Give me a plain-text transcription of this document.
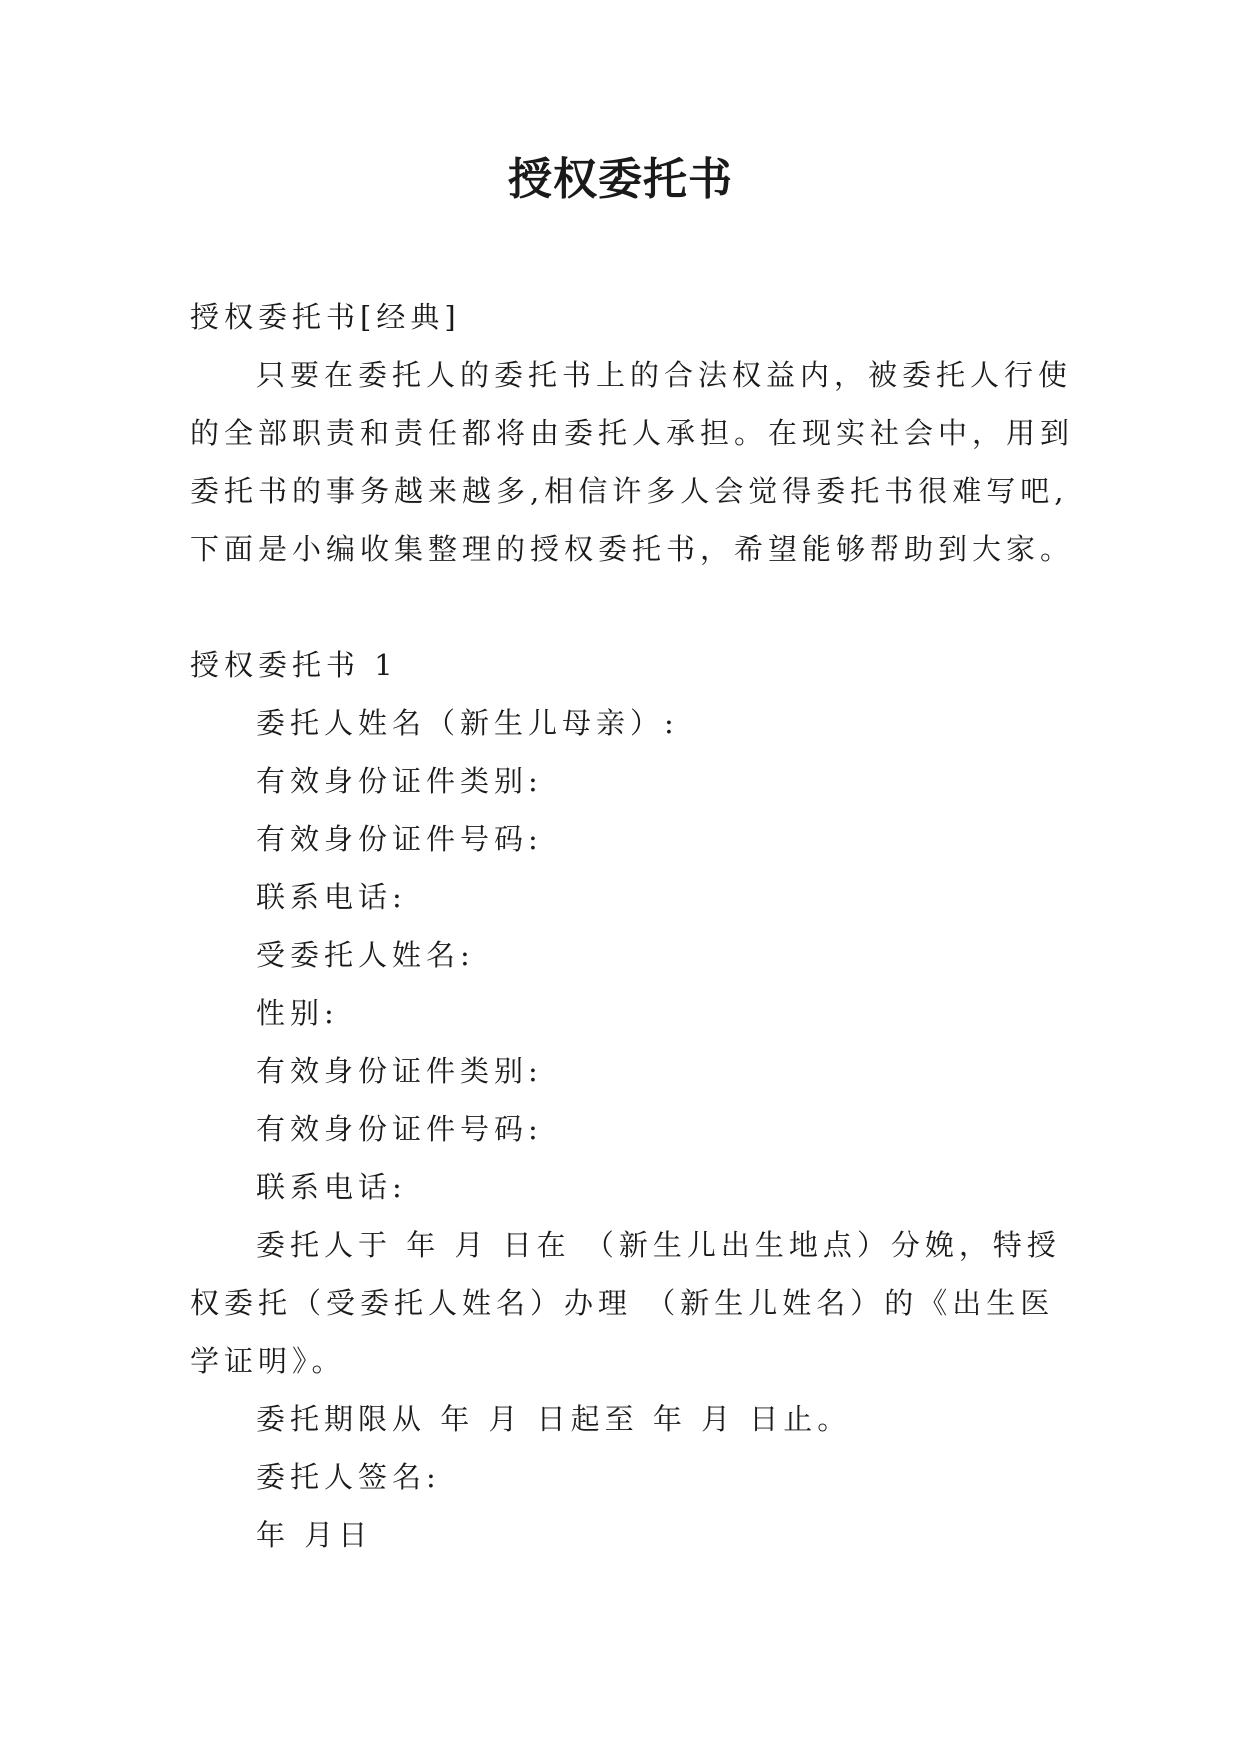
授权委托书
授权委托书[经典]
只要在委托人的委托书上的合法权益内，被委托人行使
的全部职责和责任都将由委托人承担。在现实社会中，用到
委托书的事务越来越多,相信许多人会觉得委托书很难写吧,
下面是小编收集整理的授权委托书，希望能够帮助到大家。
授权委托书 1
委托人姓名（新生儿母亲）:
有效身份证件类别:
有效身份证件号码:
联系电话:
受委托人姓名:
性别:
有效身份证件类别:
有效身份证件号码:
联系电话:
委托人于 年 月 日在 （新生儿出生地点）分娩，特授
权委托（受委托人姓名）办理 （新生儿姓名）的《出生医
学证明》。
委托期限从 年 月 日起至 年 月 日止。
委托人签名:
年 月日
